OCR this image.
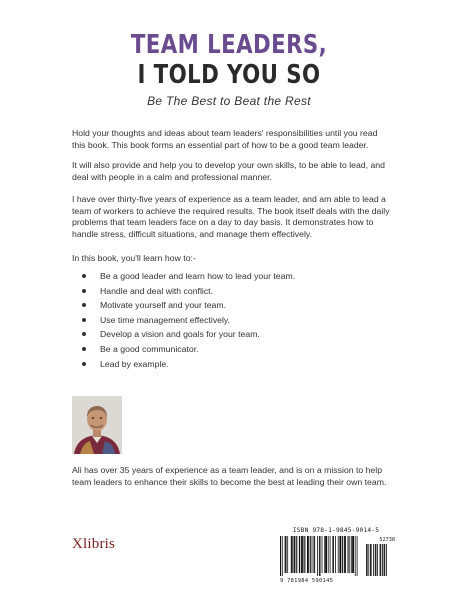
TEAM LEADERS,
I TOLD YOU SO
Be The Best to Beat the Rest

Hold your thoughts and ideas about team leaders' responsibilities until you read this book. This book forms an essential part of how to be a good team leader.

It will also provide and help you to develop your own skills, to be able to lead, and deal with people in a calm and professional manner.

I have over thirty-five years of experience as a team leader, and am able to lead a team of workers to achieve the required results. The book itself deals with the daily problems that team leaders face on a day to day basis. It demonstrates how to handle stress, difficult situations, and manage them effectively.

In this book, you'll learn how to:-

Be a good leader and learn how to lead your team.
Handle and deal with conflict.
Motivate yourself and your team.
Use time management effectively.
Develop a vision and goals for your team.
Be a good communicator.
Lead by example.

Ali has over 35 years of experience as a team leader, and is on a mission to help team leaders to enhance their skills to become the best at leading their own team.

Xlibris
ISBN 978-1-9845-9014-5
52738
9 781984 590145
